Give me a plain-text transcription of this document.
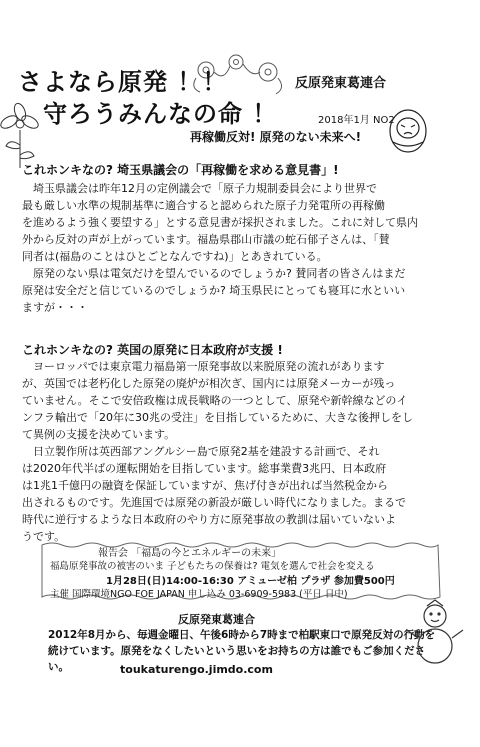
さよなら原発 ！！
守ろうみんなの命 ！
反原発東葛連合
2018年1月 NO2
再稼働反対! 原発のない未来へ!
これホンキなの? 埼玉県議会の「再稼働を求める意見書」!
埼玉県議会は昨年12月の定例議会で「原子力規制委員会により世界で
最も厳しい水準の規制基準に適合すると認められた原子力発電所の再稼働
を進めるよう強く要望する」とする意見書が採択されました。これに対して県内
外から反対の声が上がっています。福島県郡山市議の蛇石郁子さんは、「賛
同者は(福島のことはひとごとなんですね)」とあきれている。
原発のない県は電気だけを望んでいるのでしょうか? 賛同者の皆さんはまだ
原発は安全だと信じているのでしょうか? 埼玉県民にとっても寝耳に水といい
ますが・・・
これホンキなの? 英国の原発に日本政府が支援 !
ヨーロッパでは東京電力福島第一原発事故以来脱原発の流れがあります
が、英国では老朽化した原発の廃炉が相次ぎ、国内には原発メーカーが残っ
ていません。そこで安倍政権は成長戦略の一つとして、原発や新幹線などのイ
ンフラ輸出で「20年に30兆の受注」を目指しているために、大きな後押しをし
て異例の支援を決めています。
日立製作所は英西部アングルシー島で原発2基を建設する計画で、それ
は2020年代半ばの運転開始を目指しています。総事業費3兆円、日本政府
は1兆1千億円の融資を保証していますが、焦げ付きが出れば当然税金から
出されるものです。先進国では原発の新設が厳しい時代になりました。まるで
時代に逆行するような日本政府のやり方に原発事故の教訓は届いていないよ
うです。
報告会 「福島の今とエネルギーの未来」
福島原発事故の被害のいま 子どもたちの保養は? 電気を選んで社会を変える
1月28日(日)14:00-16:30 アミューゼ柏 プラザ 参加費500円
主催 国際環境NGO FOE JAPAN 申し込み 03-6909-5983 (平日 日中)
反原発東葛連合
2012年8月から、毎週金曜日、午後6時から7時まで柏駅東口で原発反対の行動を
続けています。原発をなくしたいという思いをお持ちの方は誰でもご参加ください。	toukaturengo.jimdo.com
